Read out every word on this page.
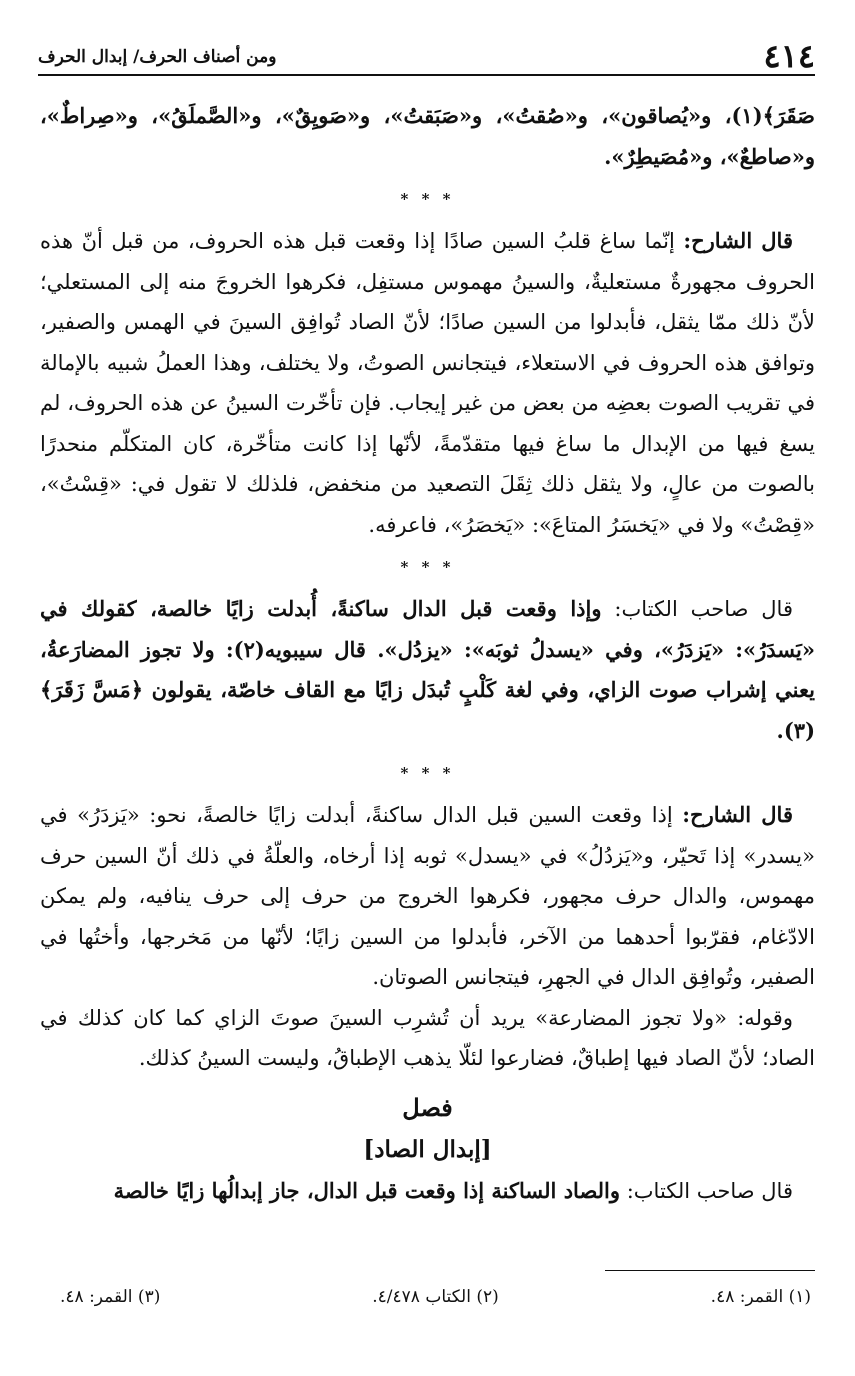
٤١٤
ومن أصناف الحرف/ إبدال الحرف

صَقَرَ﴾(١)، و«يُصاقون»، و«صُقتُ»، و«صَبَقتُ»، و«صَويِقٌ»، و«الصَّملَقُ»، و«صِراطٌ»، و«صاطعٌ»، و«مُصَيطِرٌ».

* * *

قال الشارح: إنّما ساغ قلبُ السين صادًا إذا وقعت قبل هذه الحروف، من قبل أنّ هذه الحروف مجهورةٌ مستعليةٌ، والسينُ مهموس مستفِل، فكرهوا الخروجَ منه إلى المستعلي؛ لأنّ ذلك ممّا يثقل، فأبدلوا من السين صادًا؛ لأنّ الصاد تُوافِق السينَ في الهمس والصفير، وتوافق هذه الحروف في الاستعلاء، فيتجانس الصوتُ، ولا يختلف، وهذا العملُ شبيه بالإمالة في تقريب الصوت بعضِه من بعض من غير إيجاب. فإن تأخّرت السينُ عن هذه الحروف، لم يسغ فيها من الإبدال ما ساغ فيها متقدّمةً، لأنّها إذا كانت متأخّرة، كان المتكلّم منحدرًا بالصوت من عالٍ، ولا يثقل ذلك ثِقَلَ التصعيد من منخفض، فلذلك لا تقول في: «قِسْتُ»، «قِصْتُ» ولا في «يَخسَرُ المتاعَ»: «يَخصَرُ»، فاعرفه.

* * *

قال صاحب الكتاب: وإذا وقعت قبل الدال ساكنةً، أُبدلت زايًا خالصة، كقولك في «يَسدَرُ»: «يَزدَرُ»، وفي «يسدلُ ثوبَه»: «يزدُل». قال سيبويه(٢): ولا تجوز المضارَعةُ، يعني إشراب صوت الزاي، وفي لغة كَلْبٍ تُبدَل زايًا مع القاف خاصّة، يقولون ﴿مَسَّ زَقَرَ﴾(٣).

* * *

قال الشارح: إذا وقعت السين قبل الدال ساكنةً، أبدلت زايًا خالصةً، نحو: «يَزدَرُ» في «يسدر» إذا تَحيّر، و«يَزدُلُ» في «يسدل» ثوبه إذا أرخاه، والعلّةُ في ذلك أنّ السين حرف مهموس، والدال حرف مجهور، فكرهوا الخروج من حرف إلى حرف ينافيه، ولم يمكن الادّغام، فقرّبوا أحدهما من الآخر، فأبدلوا من السين زايًا؛ لأنّها من مَخرجها، وأختُها في الصفير، وتُوافِق الدال في الجهرِ، فيتجانس الصوتان.

وقوله: «ولا تجوز المضارعة» يريد أن تُشرِب السينَ صوتَ الزاي كما كان كذلك في الصاد؛ لأنّ الصاد فيها إطباقٌ، فضارعوا لئلّا يذهب الإطباقُ، وليست السينُ كذلك.

فصل
[إبدال الصاد]

قال صاحب الكتاب: والصاد الساكنة إذا وقعت قبل الدال، جاز إبدالُها زايًا خالصة

(١) القمر: ٤٨.
(٢) الكتاب ٤/٤٧٨.
(٣) القمر: ٤٨.
